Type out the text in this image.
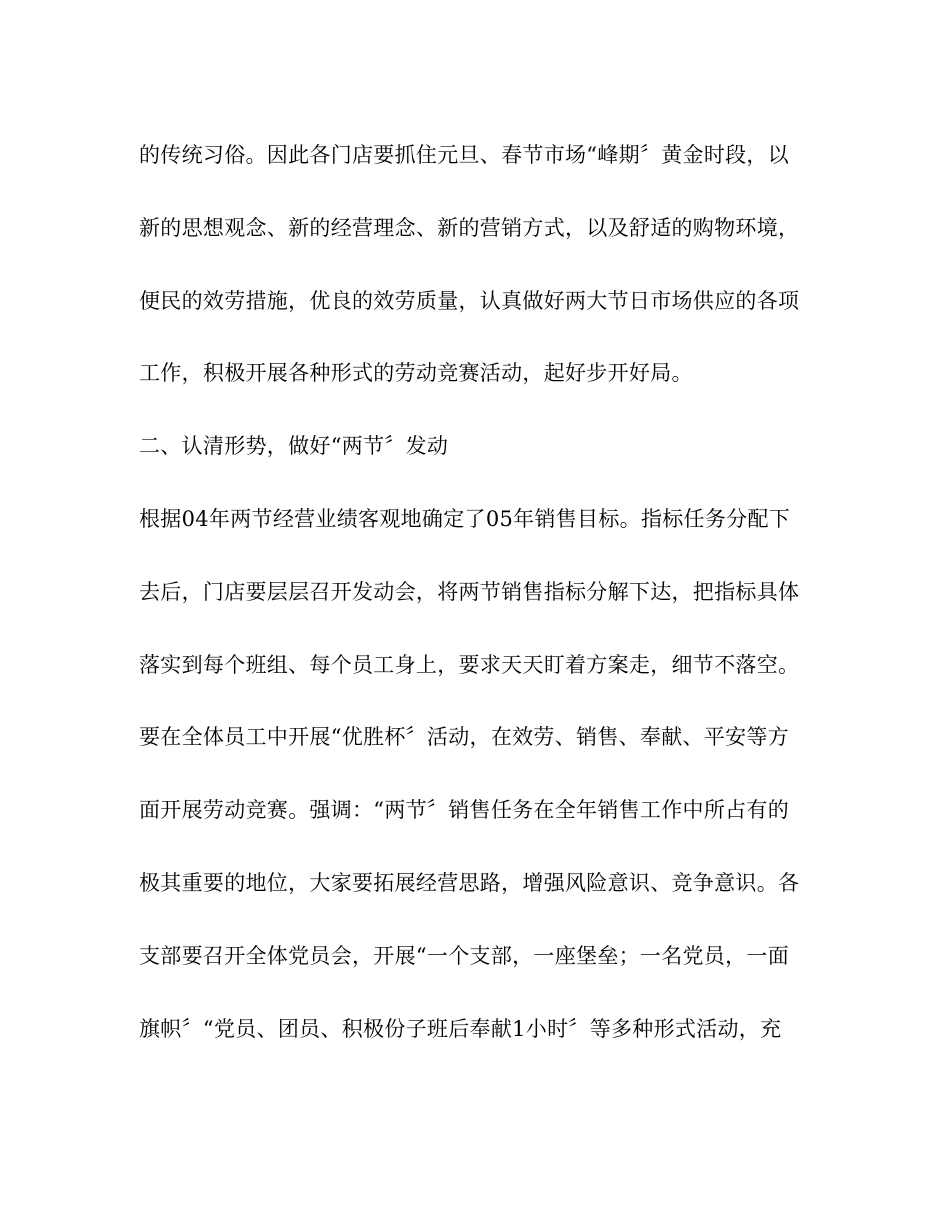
的传统习俗。因此各门店要抓住元旦、春节市场“峰期〞黄金时段，以
新的思想观念、新的经营理念、新的营销方式，以及舒适的购物环境，
便民的效劳措施，优良的效劳质量，认真做好两大节日市场供应的各项
工作，积极开展各种形式的劳动竞赛活动，起好步开好局。
二、认清形势，做好“两节〞发动
根据04年两节经营业绩客观地确定了05年销售目标。指标任务分配下
去后，门店要层层召开发动会，将两节销售指标分解下达，把指标具体
落实到每个班组、每个员工身上，要求天天盯着方案走，细节不落空。
要在全体员工中开展“优胜杯〞活动，在效劳、销售、奉献、平安等方
面开展劳动竞赛。强调：“两节〞销售任务在全年销售工作中所占有的
极其重要的地位，大家要拓展经营思路，增强风险意识、竞争意识。各
支部要召开全体党员会，开展“一个支部，一座堡垒；一名党员，一面
旗帜〞“党员、团员、积极份子班后奉献1小时〞等多种形式活动，充
